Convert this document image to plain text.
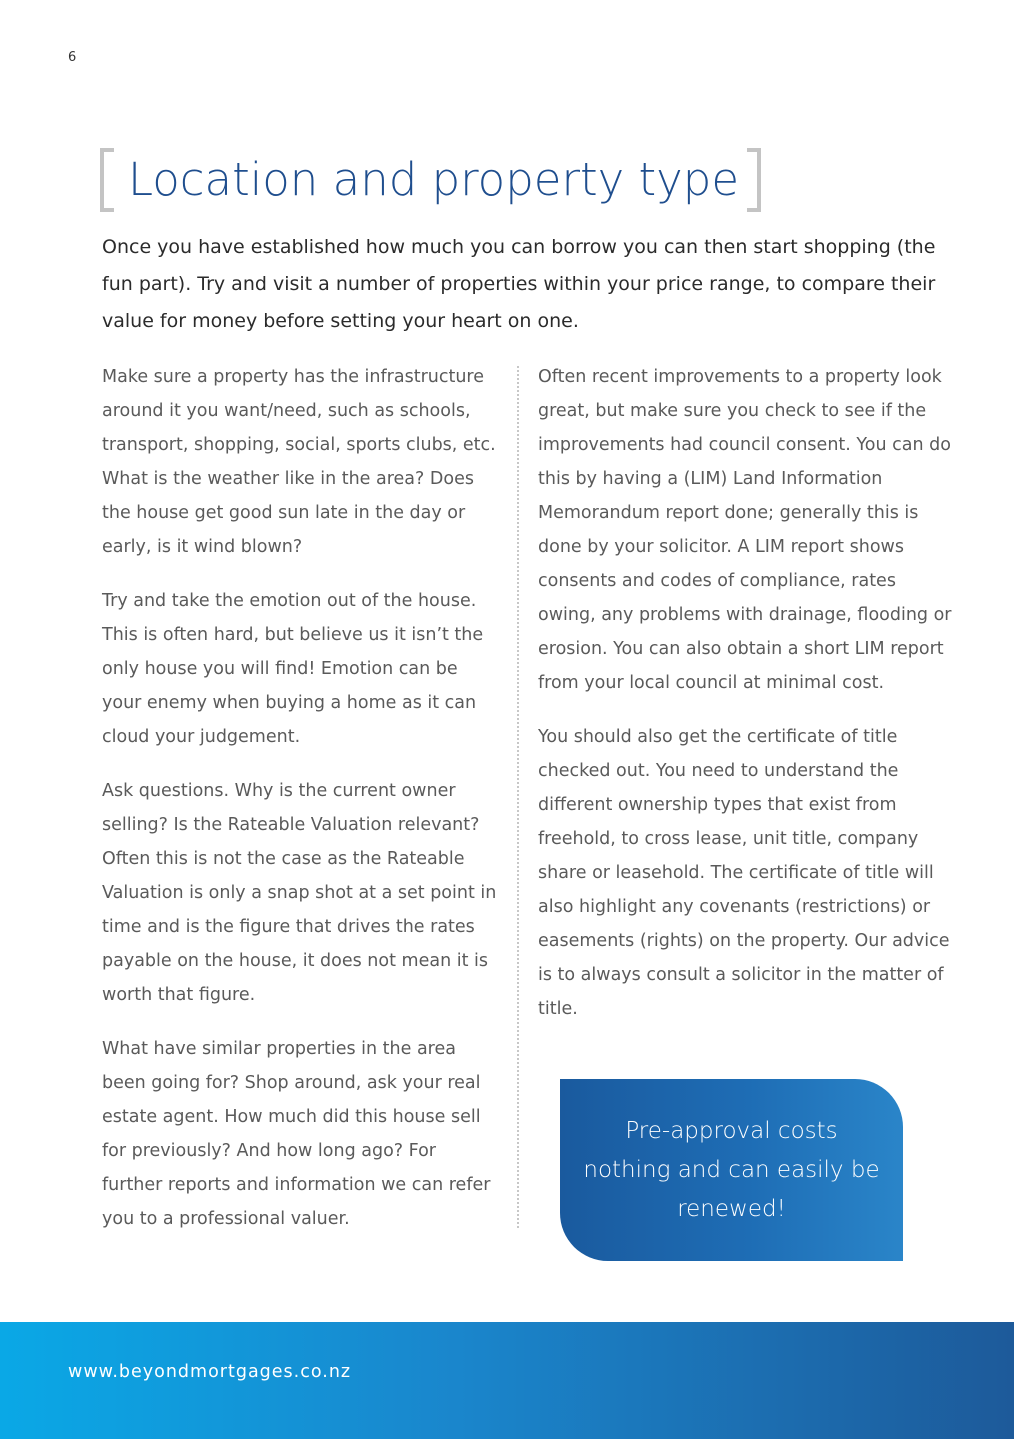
6
Location and property type
Once you have established how much you can borrow you can then start shopping (the fun part). Try and visit a number of properties within your price range, to compare their value for money before setting your heart on one.

Make sure a property has the infrastructure around it you want/need, such as schools, transport, shopping, social, sports clubs, etc. What is the weather like in the area? Does the house get good sun late in the day or early, is it wind blown?

Try and take the emotion out of the house. This is often hard, but believe us it isn’t the only house you will find! Emotion can be your enemy when buying a home as it can cloud your judgement.

Ask questions. Why is the current owner selling? Is the Rateable Valuation relevant? Often this is not the case as the Rateable Valuation is only a snap shot at a set point in time and is the figure that drives the rates payable on the house, it does not mean it is worth that figure.

What have similar properties in the area been going for? Shop around, ask your real estate agent. How much did this house sell for previously? And how long ago? For further reports and information we can refer you to a professional valuer.

Often recent improvements to a property look great, but make sure you check to see if the improvements had council consent. You can do this by having a (LIM) Land Information Memorandum report done; generally this is done by your solicitor. A LIM report shows consents and codes of compliance, rates owing, any problems with drainage, flooding or erosion. You can also obtain a short LIM report from your local council at minimal cost.

You should also get the certificate of title checked out. You need to understand the different ownership types that exist from freehold, to cross lease, unit title, company share or leasehold. The certificate of title will also highlight any covenants (restrictions) or easements (rights) on the property. Our advice is to always consult a solicitor in the matter of title.

Pre-approval costs nothing and can easily be renewed!
www.beyondmortgages.co.nz
